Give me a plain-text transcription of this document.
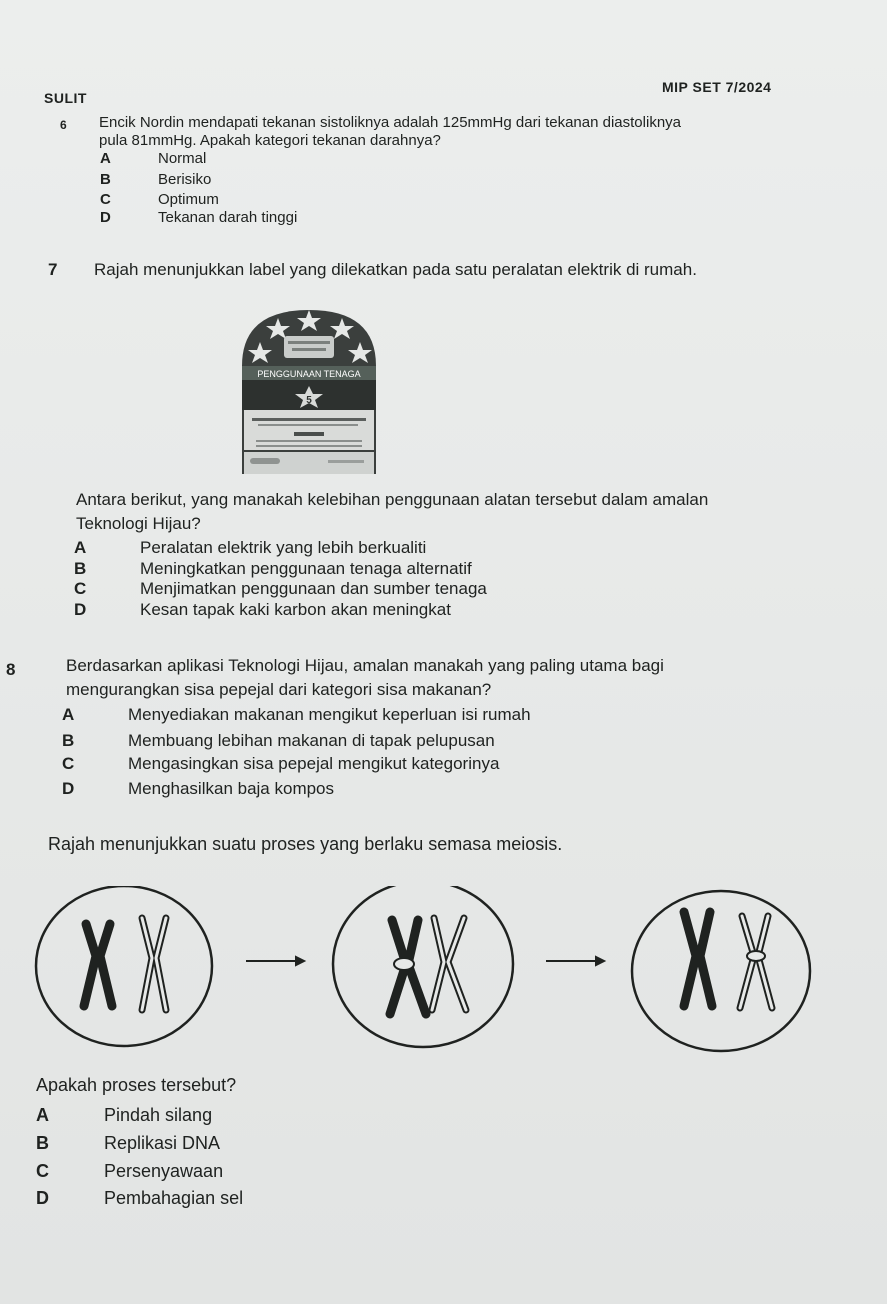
SULIT
MIP SET 7/2024
6 Encik Nordin mendapati tekanan sistoliknya adalah 125mmHg dari tekanan diastoliknya
pula 81mmHg. Apakah kategori tekanan darahnya?
A	Normal
B	Berisiko
C	Optimum
D	Tekanan darah tinggi
7 Rajah menunjukkan label yang dilekatkan pada satu peralatan elektrik di rumah.
PENGGUNAAN TENAGA
5
Antara berikut, yang manakah kelebihan penggunaan alatan tersebut dalam amalan
Teknologi Hijau?
A	Peralatan elektrik yang lebih berkualiti
B	Meningkatkan penggunaan tenaga alternatif
C	Menjimatkan penggunaan dan sumber tenaga
D	Kesan tapak kaki karbon akan meningkat
8	Berdasarkan aplikasi Teknologi Hijau, amalan manakah yang paling utama bagi
mengurangkan sisa pepejal dari kategori sisa makanan?
A	Menyediakan makanan mengikut keperluan isi rumah
B	Membuang lebihan makanan di tapak pelupusan
C	Mengasingkan sisa pepejal mengikut kategorinya
D	Menghasilkan baja kompos
Rajah menunjukkan suatu proses yang berlaku semasa meiosis.
Apakah proses tersebut?
A	Pindah silang
B	Replikasi DNA
C	Persenyawaan
D	Pembahagian sel
